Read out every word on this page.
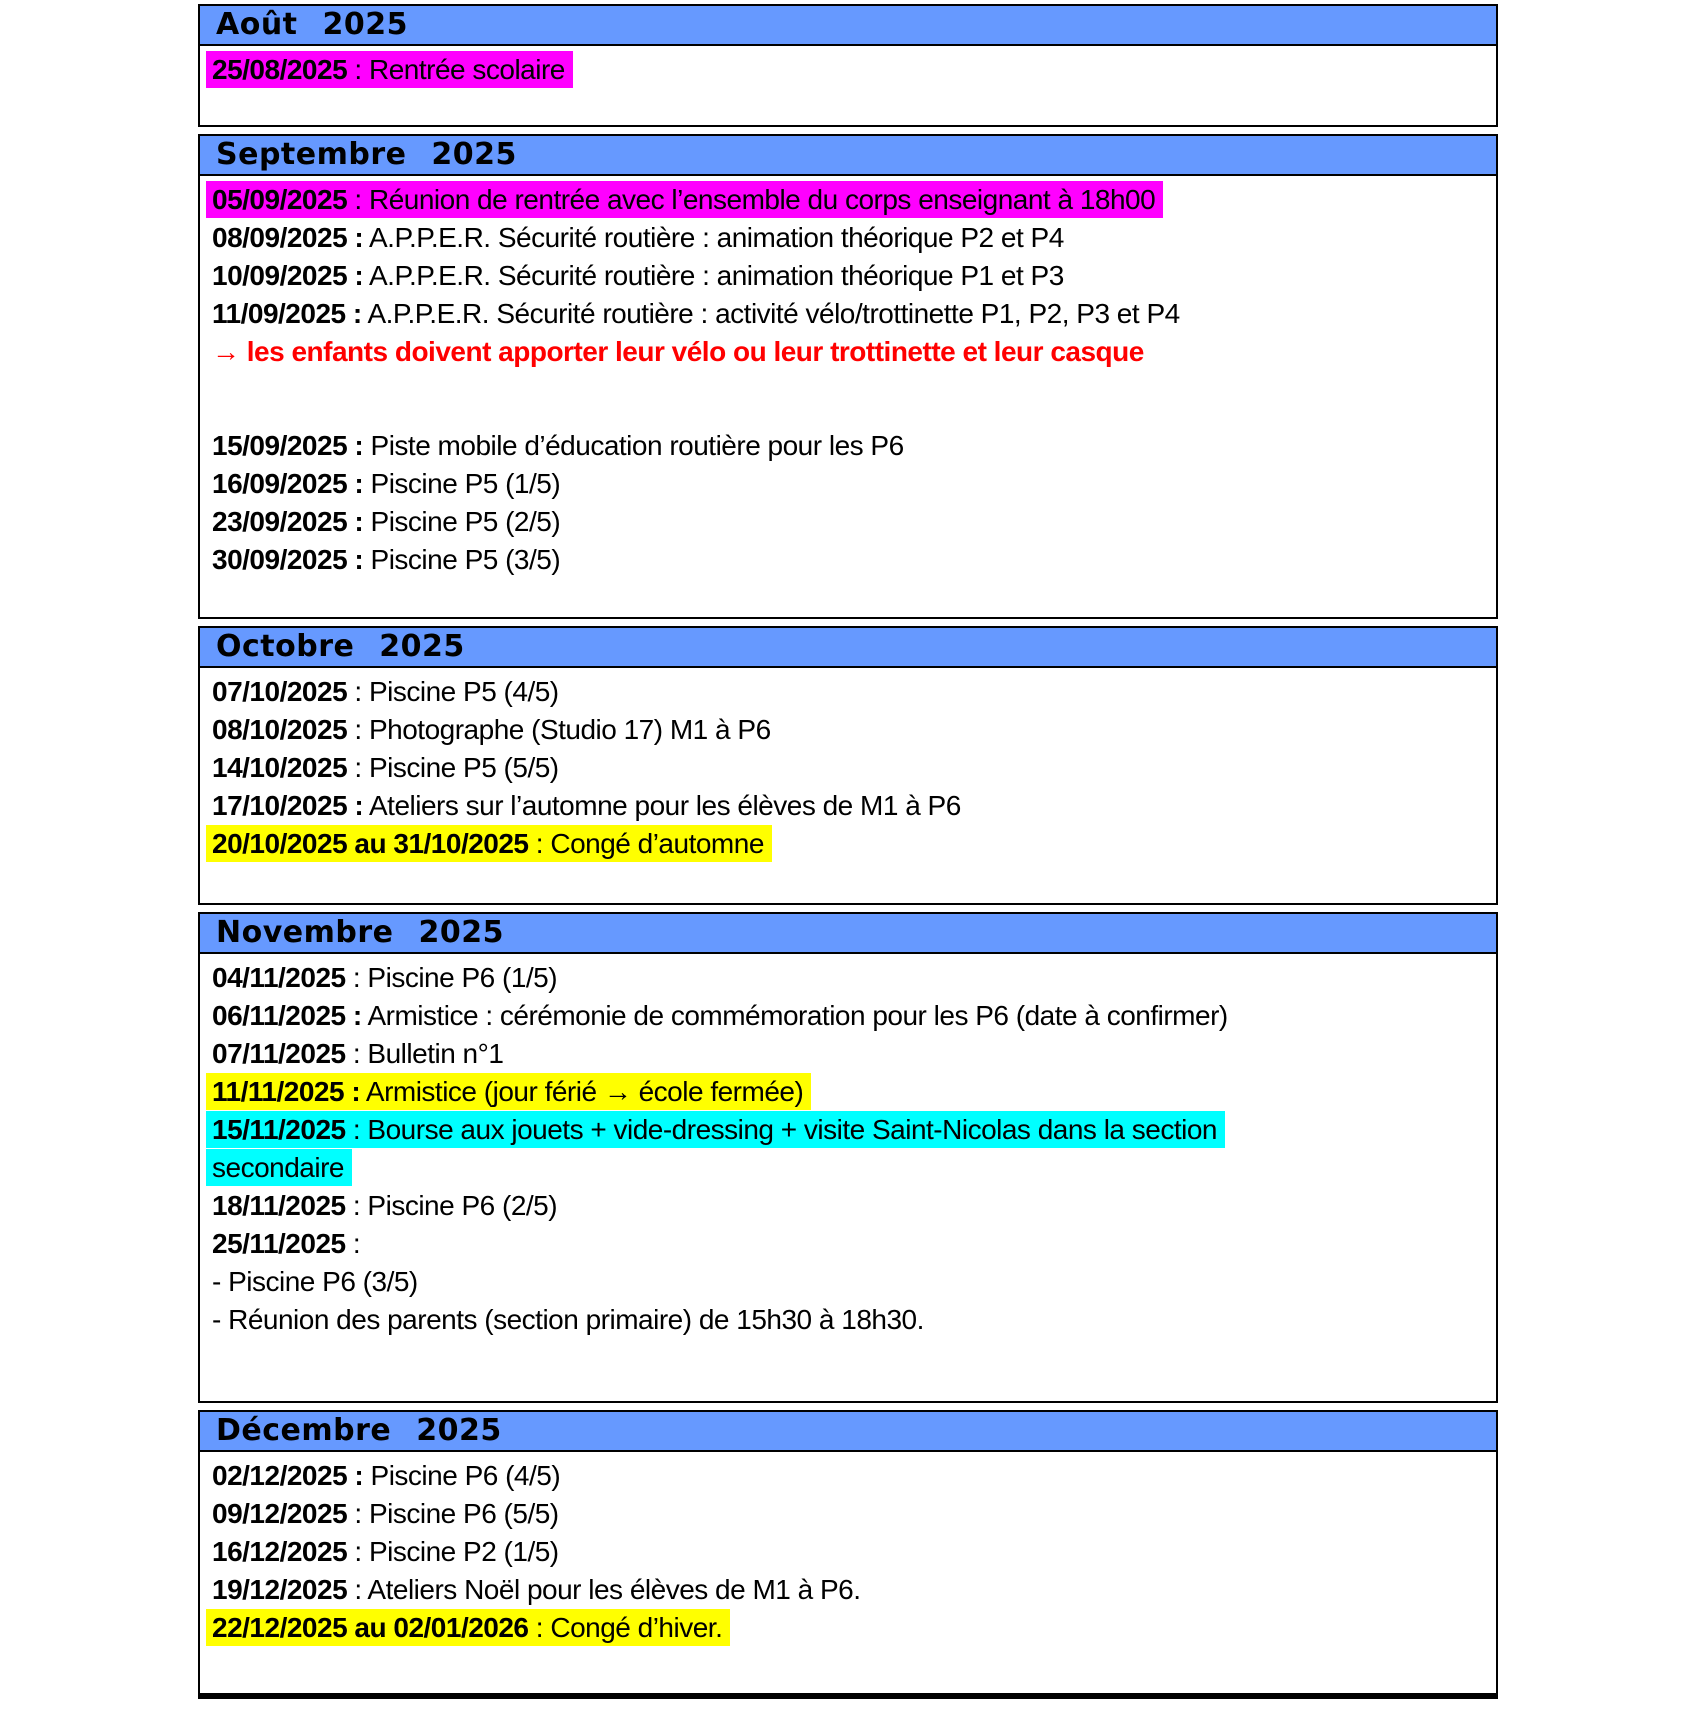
Août 2025
25/08/2025 : Rentrée scolaire
Septembre 2025
05/09/2025 : Réunion de rentrée avec l’ensemble du corps enseignant à 18h00
08/09/2025 : A.P.P.E.R. Sécurité routière : animation théorique P2 et P4
10/09/2025 : A.P.P.E.R. Sécurité routière : animation théorique P1 et P3
11/09/2025 : A.P.P.E.R. Sécurité routière : activité vélo/trottinette P1, P2, P3 et P4
→ les enfants doivent apporter leur vélo ou leur trottinette et leur casque
15/09/2025 : Piste mobile d’éducation routière pour les P6
16/09/2025 : Piscine P5 (1/5)
23/09/2025 : Piscine P5 (2/5)
30/09/2025 : Piscine P5 (3/5)
Octobre 2025
07/10/2025 : Piscine P5 (4/5)
08/10/2025 : Photographe (Studio 17) M1 à P6
14/10/2025 : Piscine P5 (5/5)
17/10/2025 : Ateliers sur l’automne pour les élèves de M1 à P6
20/10/2025 au 31/10/2025 : Congé d’automne
Novembre 2025
04/11/2025 : Piscine P6 (1/5)
06/11/2025 : Armistice : cérémonie de commémoration pour les P6 (date à confirmer)
07/11/2025 : Bulletin n°1
11/11/2025 : Armistice (jour férié → école fermée)
15/11/2025 : Bourse aux jouets + vide-dressing + visite Saint-Nicolas dans la section
secondaire
18/11/2025 : Piscine P6 (2/5)
25/11/2025 :
- Piscine P6 (3/5)
- Réunion des parents (section primaire) de 15h30 à 18h30.
Décembre 2025
02/12/2025 : Piscine P6 (4/5)
09/12/2025 : Piscine P6 (5/5)
16/12/2025 : Piscine P2 (1/5)
19/12/2025 : Ateliers Noël pour les élèves de M1 à P6.
22/12/2025 au 02/01/2026 : Congé d’hiver.
